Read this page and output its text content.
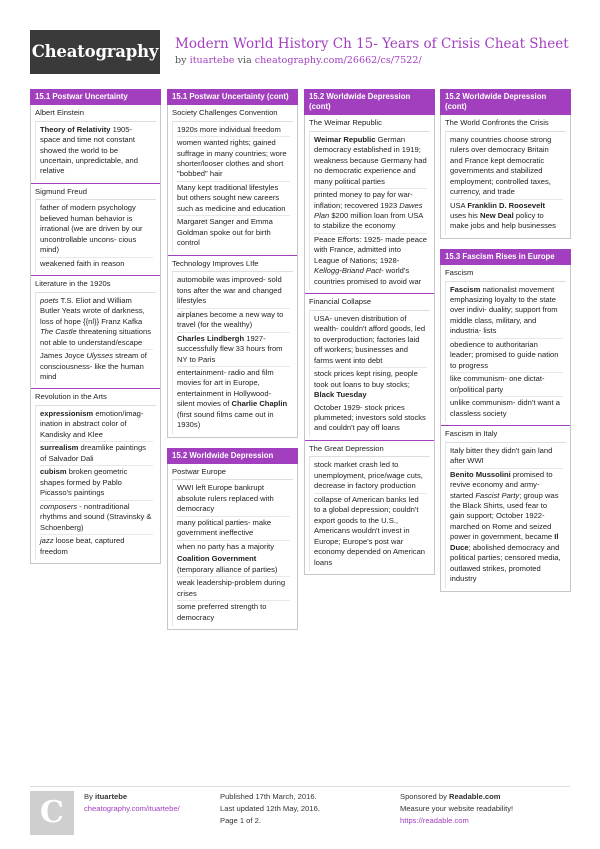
Cheatography Modern World History Ch 15- Years of Crisis Cheat Sheet
by ituartebe via cheatography.com/26662/cs/7522/
15.1 Postwar Uncertainty
Albert Einstein
Theory of Relativity 1905- space and time not constant showed the world to be uncertain, unpredictable, and relative
Sigmund Freud
father of modern psychology believed human behavior is irrational (we are driven by our uncontrollable uncons- cious mind)
weakened faith in reason
Literature in the 1920s
poets T.S. Eliot and William Butler Yeats wrote of darkness, loss of hope {{nl}} Franz Kafka The Castle threatening situations not able to understand/escape
James Joyce Ulysses stream of consciousness- like the human mind
Revolution in the Arts
expressionism emotion/imag- ination in abstract color of Kandisky and Klee
surrealism dreamlike paintings of Salvador Dali
cubism broken geometric shapes formed by Pablo Picasso's paintings
composers - nontraditional rhythms and sound (Stravinsky & Schoenberg)
jazz loose beat, captured freedom
15.1 Postwar Uncertainty (cont)
Society Challenges Convention
1920s more individual freedom
women wanted rights; gained suffrage in many countries; wore shorter/looser clothes and short "bobbed" hair
Many kept traditional lifestyles but others sought new careers such as medicine and education
Margaret Sanger and Emma Goldman spoke out for birth control
Technology Improves LIfe
automobile was improved- sold tons after the war and changed lifestyles
airplanes become a new way to travel (for the wealthy)
Charles Lindbergh 1927- successfully flew 33 hours from NY to Paris
entertainment- radio and film movies for art in Europe, entertainment in Hollywood- silent movies of Charlie Chaplin (first sound films came out in 1930s)
15.2 Worldwide Depression
Postwar Europe
WWI left Europe bankrupt absolute rulers replaced with democracy
many political parties- make government ineffective
when no party has a majority
Coalition Government (temporary alliance of parties)
weak leadership-problem during crises
some preferred strength to democracy
15.2 Worldwide Depression (cont)
The Weimar Republic
Weimar Republic German democracy established in 1919; weakness because Germany had no democratic experience and many political parties
printed money to pay for war- inflation; recovered 1923 Dawes Plan $200 million loan from USA to stabilize the economy
Peace Efforts: 1925- made peace with France, admitted into League of Nations; 1928- Kellogg-Briand Pact- world's countries promised to avoid war
Financial Collapse
USA- uneven distribution of wealth- couldn't afford goods, led to overproduction; factories laid off workers; businesses and farms went into debt
stock prices kept rising, people took out loans to buy stocks; Black Tuesday
October 1929- stock prices plummeted; investors sold stocks and couldn't pay off loans
The Great Depression
stock market crash led to unemployment, price/wage cuts, decrease in factory production
collapse of American banks led to a global depression; couldn't export goods to the U.S., Americans wouldn't invest in Europe; Europe's post war economy depended on American loans
15.2 Worldwide Depression (cont)
The World Confronts the Crisis
many countries choose strong rulers over democracy Britain and France kept democratic governments and stabilized employment; controlled taxes, currency, and trade
USA Franklin D. Roosevelt uses his New Deal policy to make jobs and help businesses
15.3 Fascism Rises in Europe
Fascism
Fascism nationalist movement emphasizing loyalty to the state over indivi- duality; support from middle class, military, and industria- lists
obedience to authoritarian leader; promised to guide nation to progress
like communism- one dictat- or/political party
unlike communism- didn't want a classless society
Fascism in Italy
Italy bitter they didn't gain land after WWI
Benito Mussolini promised to revive economy and army- started Fascist Party; group was the Black Shirts, used fear to gain support; October 1922- marched on Rome and seized power in government, became Il Duce; abolished democracy and political parties; censored media, outlawed strikes, promoted industry
C	By ituartebe
cheatography.com/ituartebe/
Published 17th March, 2016.
Last updated 12th May, 2016.
Page 1 of 2.
Sponsored by Readable.com
Measure your website readability!
https://readable.com
